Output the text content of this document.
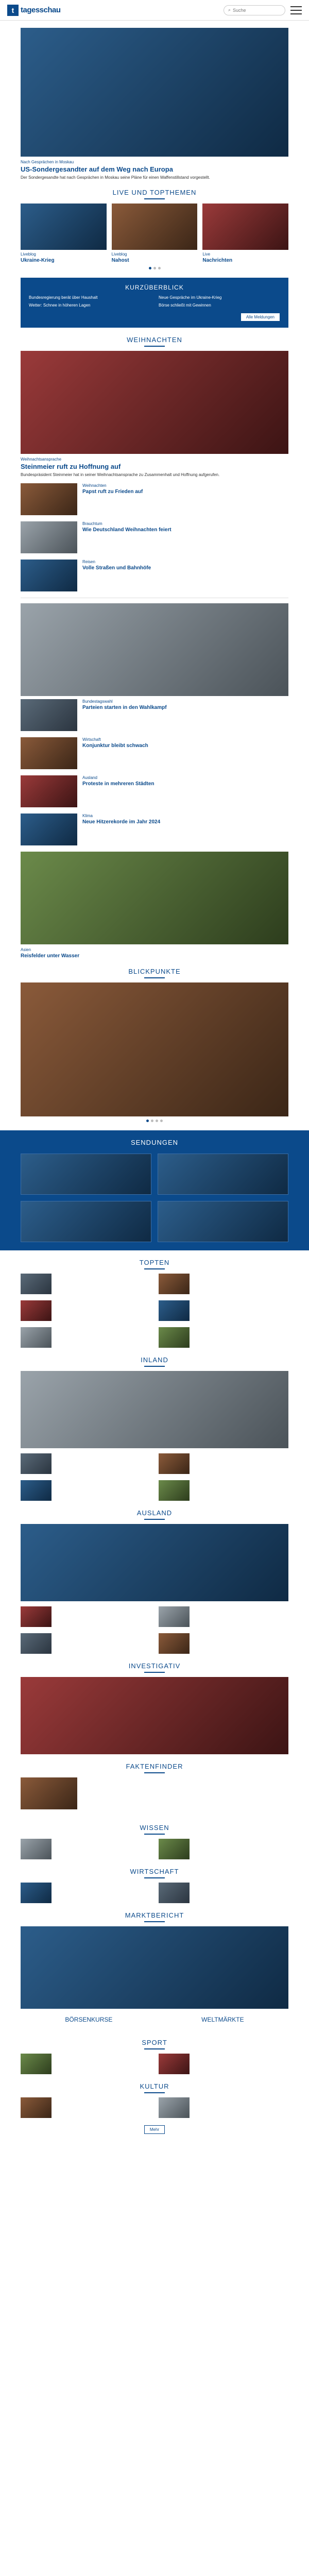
t tagesschau	⌕ Suche
Nach Gesprächen in Moskau
US-Sondergesandter auf dem Weg nach Europa
Der Sondergesandte hat nach Gesprächen in Moskau seine Pläne für einen Waffenstillstand vorgestellt.
LIVE UND TOPTHEMEN
Liveblog
Ukraine-Krieg
Liveblog
Nahost
Live
Nachrichten
KURZÜBERBLICK
Bundesregierung berät über Haushalt	Neue Gespräche im Ukraine-Krieg
Wetter: Schnee in höheren Lagen	Börse schließt mit Gewinnen
Alle Meldungen
WEIHNACHTEN
Weihnachtsansprache
Steinmeier ruft zu Hoffnung auf
Bundespräsident Steinmeier hat in seiner Weihnachtsansprache zu Zusammenhalt und Hoffnung aufgerufen.
Weihnachten
Papst ruft zu Frieden auf
Brauchtum
Wie Deutschland Weihnachten feiert
Reisen
Volle Straßen und Bahnhöfe
Bundestagswahl
Parteien starten in den Wahlkampf
Wirtschaft
Konjunktur bleibt schwach
Ausland
Proteste in mehreren Städten
Klima
Neue Hitzerekorde im Jahr 2024
Asien
Reisfelder unter Wasser
BLICKPUNKTE
SENDUNGEN
TOPTEN
INLAND
AUSLAND
INVESTIGATIV
FAKTENFINDER
WISSEN
WIRTSCHAFT
MARKTBERICHT
BÖRSENKURSE	WELTMÄRKTE
SPORT
KULTUR
Mehr
